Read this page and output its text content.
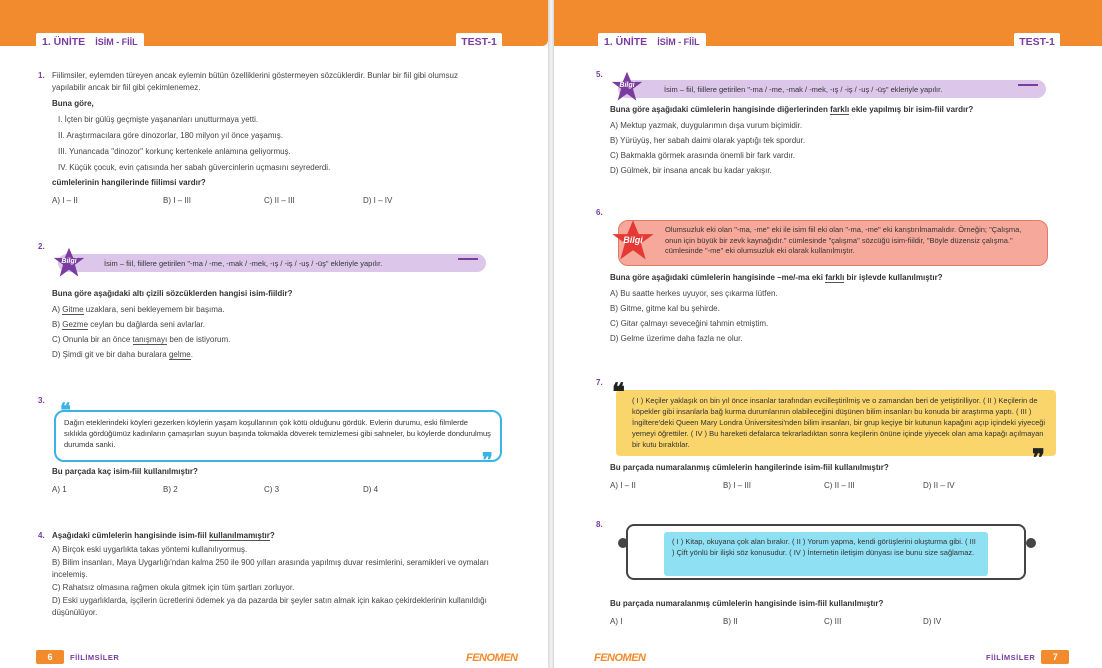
1. ÜNİTE	İSİM - FİİL	TEST-1
1. Fiilimsiler, eylemden türeyen ancak eylemin bütün özelliklerini göstermeyen sözcüklerdir. Bunlar bir fiil gibi olumsuz
yapılabilir ancak bir fiil gibi çekimlenemez.
Buna göre,
I. İçten bir gülüş geçmişte yaşananları unutturmaya yetti.
II. Araştırmacılara göre dinozorlar, 180 milyon yıl önce yaşamış.
III. Yunancada "dinozor" korkunç kertenkele anlamına geliyormuş.
IV. Küçük çocuk, evin çatısında her sabah güvercinlerin uçmasını seyrederdi.
cümlelerinin hangilerinde fiilimsi vardır?
A) I – II	B) I – III	C) II – III	D) I – IV
2.
İsim – fiil, fiillere getirilen "-ma / -me, -mak / -mek, -ış / -iş / -uş / -üş" ekleriyle yapılır.
Bilgi
Buna göre aşağıdaki altı çizili sözcüklerden hangisi isim-fiildir?
A) Gitme uzaklara, seni bekleyemem bir başıma.
B) Gezme ceylan bu dağlarda seni avlarlar.
C) Onunla bir an önce tanışmayı ben de istiyorum.
D) Şimdi git ve bir daha buralara gelme.
3.
Dağın eteklerindeki köyleri gezerken köylerin yaşam koşullarının çok kötü olduğunu gördük. Evlerin durumu, eski filmlerde sıklıkla gördüğümüz kadınların çamaşırları suyun başında tokmakla döverek temizlemesi gibi sahneler, bu köylerde dondurulmuş durumda sanki.
❝
❞
Bu parçada kaç isim-fiil kullanılmıştır?
A) 1	B) 2	C) 3	D) 4
4. Aşağıdaki cümlelerin hangisinde isim-fiil kullanılmamıştır?
A) Birçok eski uygarlıkta takas yöntemi kullanılıyormuş.
B) Bilim insanları, Maya Uygarlığı'ndan kalma 250 ile 900 yılları arasında yapılmış duvar resimlerini, seramikleri ve oymaları incelemiş.
C) Rahatsız olmasına rağmen okula gitmek için tüm şartları zorluyor.
D) Eski uygarlıklarda, işçilerin ücretlerini ödemek ya da pazarda bir şeyler satın almak için kakao çekirdeklerinin kullanıldığı düşünülüyor.
6	FİİLİMSİLER	FENOMEN
1. ÜNİTE	İSİM - FİİL	TEST-1
5.
İsim – fiil, fiillere getirilen "-ma / -me, -mak / -mek, -ış / -iş / -uş / -üş" ekleriyle yapılır.
Bilgi
Buna göre aşağıdaki cümlelerin hangisinde diğerlerinden farklı ekle yapılmış bir isim-fiil vardır?
A) Mektup yazmak, duygularımın dışa vurum biçimidir.
B) Yürüyüş, her sabah daimi olarak yaptığı tek spordur.
C) Bakmakla görmek arasında önemli bir fark vardır.
D) Gülmek, bir insana ancak bu kadar yakışır.
6.
Olumsuzluk eki olan "-ma, -me" eki ile isim fiil eki olan "-ma, -me" eki karıştırılmamalıdır. Örneğin; "Çalışma, onun için büyük bir zevk kaynağıdır." cümlesinde "çalışma" sözcüğü isim-fiildir, "Böyle düzensiz çalışma." cümlesinde "-me" eki olumsuzluk eki olarak kullanılmıştır.
Bilgi
Buna göre aşağıdaki cümlelerin hangisinde –me/-ma eki farklı bir işlevde kullanılmıştır?
A) Bu saatte herkes uyuyor, ses çıkarma lütfen.
B) Gitme, gitme kal bu şehirde.
C) Gitar çalmayı seveceğini tahmin etmiştim.
D) Gelme üzerime daha fazla ne olur.
7.
( I ) Keçiler yaklaşık on bin yıl önce insanlar tarafından evcilleştirilmiş ve o zamandan beri de yetiştirilliyor. ( II ) Keçilerin de köpekler gibi insanlarla bağ kurma durumlarının olabileceğini düşünen bilim insanları bu konuda bir araştırma yaptı. ( III ) İngiltere'deki Queen Mary Londra Üniversitesi'nden bilim insanları, bir grup keçiye bir kutunun kapağını açıp içindeki yiyeceği yemeyi öğrettiler. ( IV ) Bu hareketi defalarca tekrarladıktan sonra keçilerin önüne içinde yiyecek olan ama kapağı açılmayan bir kutu bıraktılar.
❝
❞
Bu parçada numaralanmış cümlelerin hangilerinde isim-fiil kullanılmıştır?
A) I – II	B) I – III	C) II – III	D) II – IV
8.
( I ) Kitap, okuyana çok alan bırakır. ( II ) Yorum yapma, kendi görüşlerini oluşturma gibi. ( III ) Çift yönlü bir ilişki söz konusudur. ( IV ) İnternetin iletişim dünyası ise bunu size sağlamaz.
Bu parçada numaralanmış cümlelerin hangisinde isim-fiil kullanılmıştır?
A) I	B) II	C) III	D) IV
FENOMEN	FİİLİMSİLER	7
